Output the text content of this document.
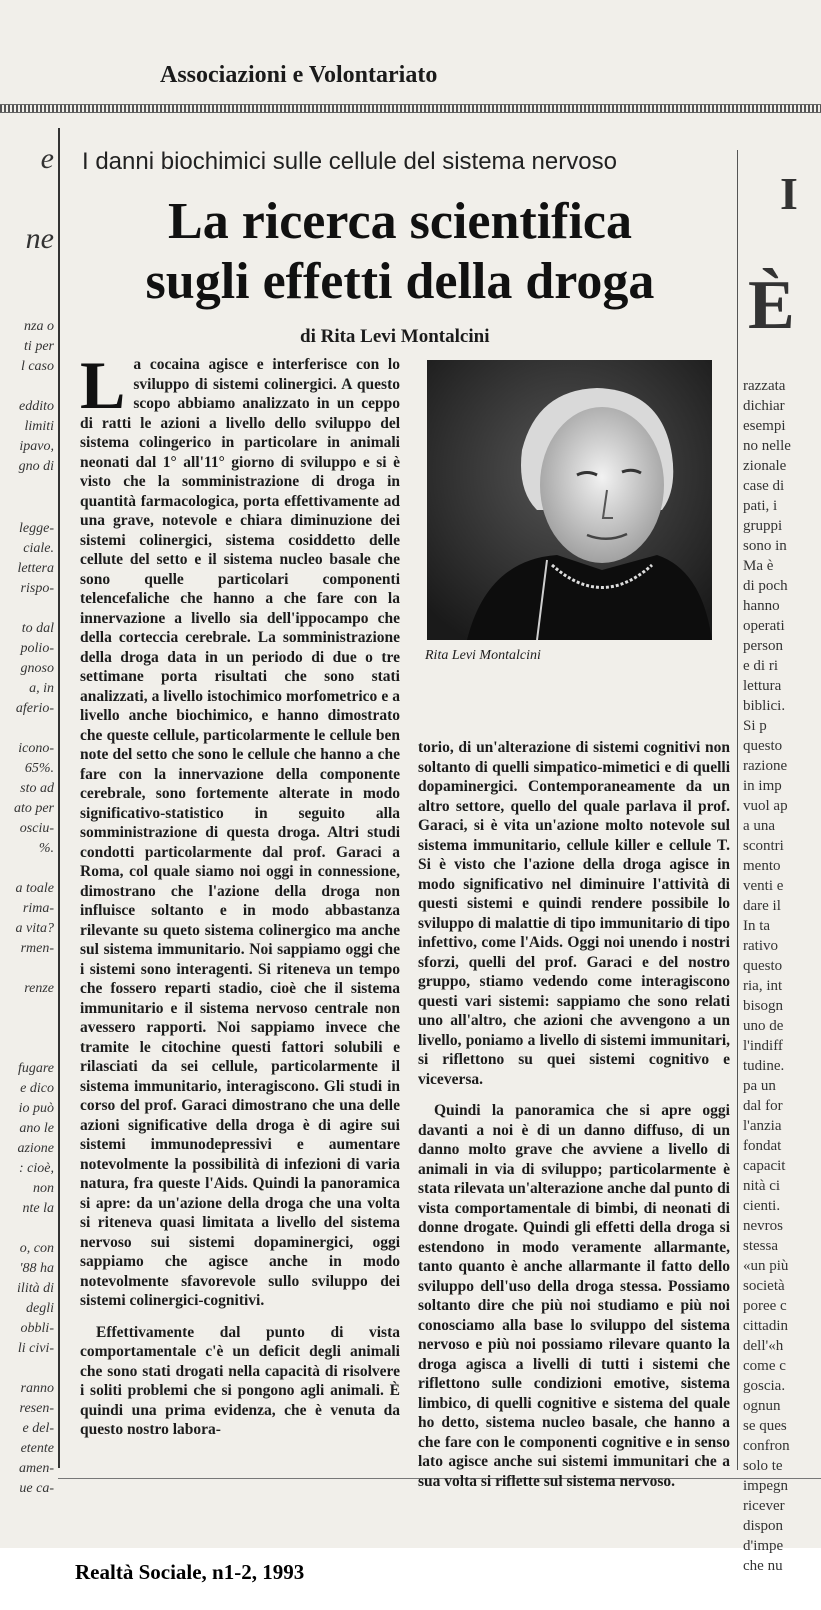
Associazioni e Volontariato
e
ne
nza o
ti per
l caso
eddito
limiti
ipavo,
gno di
legge-
ciale.
lettera
rispo-
to dal
polio-
gnoso
a, in
aferio-
icono-
65%.
sto ad
ato per
osciu-
%.
a toale
rima-
a vita?
rmen-
renze
fugare
e dico
io può
ano le
azione
: cioè,
non
nte la
o, con
'88 ha
ilità di
degli
obbli-
li civi-
ranno
resen-
e del-
etente
amen-
ue ca-
I
È
razzata
dichiar
esempi
no nelle
zionale
case di
pati, i
gruppi
sono in
Ma è
di poch
hanno
operati
person
e di ri
lettura
biblici.
Si p
questo
razione
in imp
vuol ap
a una
scontri
mento
venti e
dare il
In ta
rativo
questo
ria, int
bisogn
uno de
l'indiff
tudine.
pa un
dal for
l'anzia
fondat
capacit
nità ci
cienti.
nevros
stessa
«un più
società
poree c
cittadin
dell'«h
come c
goscia.
ognun
se ques
confron
solo te
impegn
ricever
dispon
d'impe
che nu
I danni biochimici sulle cellule del sistema nervoso
La ricerca scientifica
sugli effetti della droga
di Rita Levi Montalcini

La cocaina agisce e interferisce con lo sviluppo di sistemi colinergici. A questo scopo abbiamo analizzato in un ceppo di ratti le azioni a livello dello sviluppo del sistema colingerico in particolare in animali neonati dal 1° all'11° giorno di sviluppo e si è visto che la somministrazione di droga in quantità farmacologica, porta effettivamente ad una grave, notevole e chiara diminuzione dei sistemi colinergici, sistema cosiddetto delle cellute del setto e il sistema nucleo basale che sono quelle particolari componenti telencefaliche che hanno a che fare con la innervazione a livello sia dell'ippocampo che della corteccia cerebrale. La somministrazione della droga data in un periodo di due o tre settimane porta risultati che sono stati analizzati, a livello istochimico morfometrico e a livello anche biochimico, e hanno dimostrato che queste cellule, particolarmente le cellule ben note del setto che sono le cellule che hanno a che fare con la innervazione della componente cerebrale, sono fortemente alterate in modo significativo-statistico in seguito alla somministrazione di questa droga. Altri studi condotti particolarmente dal prof. Garaci a Roma, col quale siamo noi oggi in connessione, dimostrano che l'azione della droga non influisce soltanto e in modo abbastanza rilevante su queto sistema colinergico ma anche sul sistema immunitario. Noi sappiamo oggi che i sistemi sono interagenti. Si riteneva un tempo che fossero reparti stadio, cioè che il sistema immunitario e il sistema nervoso centrale non avessero rapporti. Noi sappiamo invece che tramite le citochine questi fattori solubili e rilasciati da sei cellule, particolarmente il sistema immunitario, interagiscono. Gli studi in corso del prof. Garaci dimostrano che una delle azioni significative della droga è di agire sui sistemi immunodepressivi e aumentare notevolmente la possibilità di infezioni di varia natura, fra queste l'Aids. Quindi la panoramica si apre: da un'azione della droga che una volta si riteneva quasi limitata a livello del sistema nervoso sui sistemi dopaminergici, oggi sappiamo che agisce anche in modo notevolmente sfavorevole sullo sviluppo dei sistemi colinergici-cognitivi.

Effettivamente dal punto di vista comportamentale c'è un deficit degli animali che sono stati drogati nella capacità di risolvere i soliti problemi che si pongono agli animali. È quindi una prima evidenza, che è venuta da questo nostro labora-

Rita Levi Montalcini

torio, di un'alterazione di sistemi cognitivi non soltanto di quelli simpatico-mimetici e di quelli dopaminergici. Contemporaneamente da un altro settore, quello del quale parlava il prof. Garaci, si è vita un'azione molto notevole sul sistema immunitario, cellule killer e cellule T. Si è visto che l'azione della droga agisce in modo significativo nel diminuire l'attività di questi sistemi e quindi rendere possibile lo sviluppo di malattie di tipo immunitario di tipo infettivo, come l'Aids. Oggi noi unendo i nostri sforzi, quelli del prof. Garaci e del nostro gruppo, stiamo vedendo come interagiscono questi vari sistemi: sappiamo che sono relati uno all'altro, che azioni che avvengono a un livello, poniamo a livello di sistemi immunitari, si riflettono su quei sistemi cognitivo e viceversa.

Quindi la panoramica che si apre oggi davanti a noi è di un danno diffuso, di un danno molto grave che avviene a livello di animali in via di sviluppo; particolarmente è stata rilevata un'alterazione anche dal punto di vista comportamentale di bimbi, di neonati di donne drogate. Quindi gli effetti della droga si estendono in modo veramente allarmante, tanto quanto è anche allarmante il fatto dello sviluppo dell'uso della droga stessa. Possiamo soltanto dire che più noi studiamo e più noi conosciamo alla base lo sviluppo del sistema nervoso e più noi possiamo rilevare quanto la droga agisca a livelli di tutti i sistemi che riflettono sulle condizioni emotive, sistema limbico, di quelli cognitive e sistema del quale ho detto, sistema nucleo basale, che hanno a che fare con le componenti cognitive e in senso lato agisce anche sui sistemi immunitari che a sua volta si riflette sul sistema nervoso.

Realtà Sociale, n1-2, 1993
